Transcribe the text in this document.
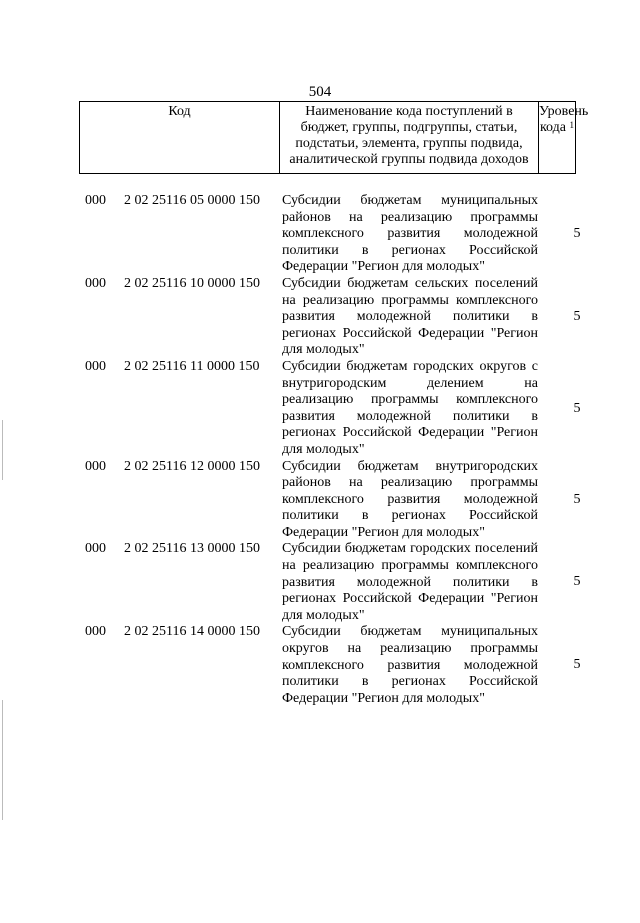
504
Код	Наименование кода поступлений в бюджет, группы, подгруппы, статьи, подстатьи, элемента, группы подвида, аналитической группы подвида доходов
Уровень
кода $^1$
000 2 02 25116 05 0000 150 Субсидии бюджетам муниципальных районов на реализацию программы комплексного развития молодежной политики в регионах Российской Федерации "Регион для молодых"
5
000 2 02 25116 10 0000 150 Субсидии бюджетам сельских поселений на реализацию программы комплексного развития молодежной политики в регионах Российской Федерации "Регион для молодых"
5
000 2 02 25116 11 0000 150 Субсидии бюджетам городских округов с внутригородским делением на реализацию программы комплексного развития молодежной политики в регионах Российской Федерации "Регион для молодых"
5
000 2 02 25116 12 0000 150 Субсидии бюджетам внутригородских районов на реализацию программы комплексного развития молодежной политики в регионах Российской Федерации "Регион для молодых"
5
000 2 02 25116 13 0000 150 Субсидии бюджетам городских поселений на реализацию программы комплексного развития молодежной политики в регионах Российской Федерации "Регион для молодых"
5
000 2 02 25116 14 0000 150 Субсидии бюджетам муниципальных округов на реализацию программы комплексного развития молодежной политики в регионах Российской Федерации "Регион для молодых"
5
